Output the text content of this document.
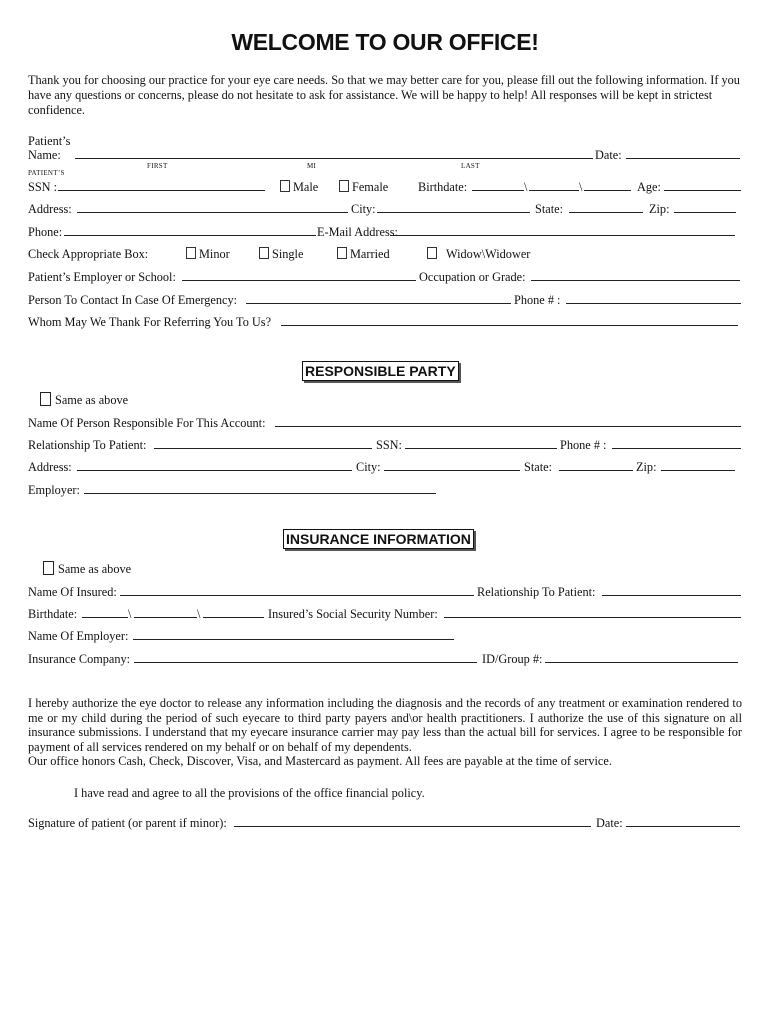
WELCOME TO OUR OFFICE!
Thank you for choosing our practice for your eye care needs. So that we may better care for you, please fill out the following information. If you have any questions or concerns, please do not hesitate to ask for assistance. We will be happy to help! All responses will be kept in strictest confidence.
Patient’s
Name:	Date:
FIRST	MI	LAST
PATIENT’S
SSN :	Male	Female Birthdate:	\	\	Age:
Address:	City:	State:	Zip:
Phone:	E-Mail Address:
Check Appropriate Box:	Minor	Single	Married	Widow\Widower
Patient’s Employer or School:	Occupation or Grade:
Person To Contact In Case Of Emergency:	Phone # :
Whom May We Thank For Referring You To Us?
RESPONSIBLE PARTY
Same as above
Name Of Person Responsible For This Account:
Relationship To Patient:	SSN:	Phone # :
Address:	City:	State:	Zip:
Employer:
INSURANCE INFORMATION
Same as above
Name Of Insured:	Relationship To Patient:
Birthdate:	\	\	Insured’s Social Security Number:
Name Of Employer:
Insurance Company:	ID/Group #:
I hereby authorize the eye doctor to release any information including the diagnosis and the records of any treatment or examination rendered to me or my child during the period of such eyecare to third party payers and\or health practitioners. I authorize the use of this signature on all insurance submissions. I understand that my eyecare insurance carrier may pay less than the actual bill for services. I agree to be responsible for payment of all services rendered on my behalf or on behalf of my dependents.
Our office honors Cash, Check, Discover, Visa, and Mastercard as payment. All fees are payable at the time of service.
I have read and agree to all the provisions of the office financial policy.
Signature of patient (or parent if minor):	Date:
